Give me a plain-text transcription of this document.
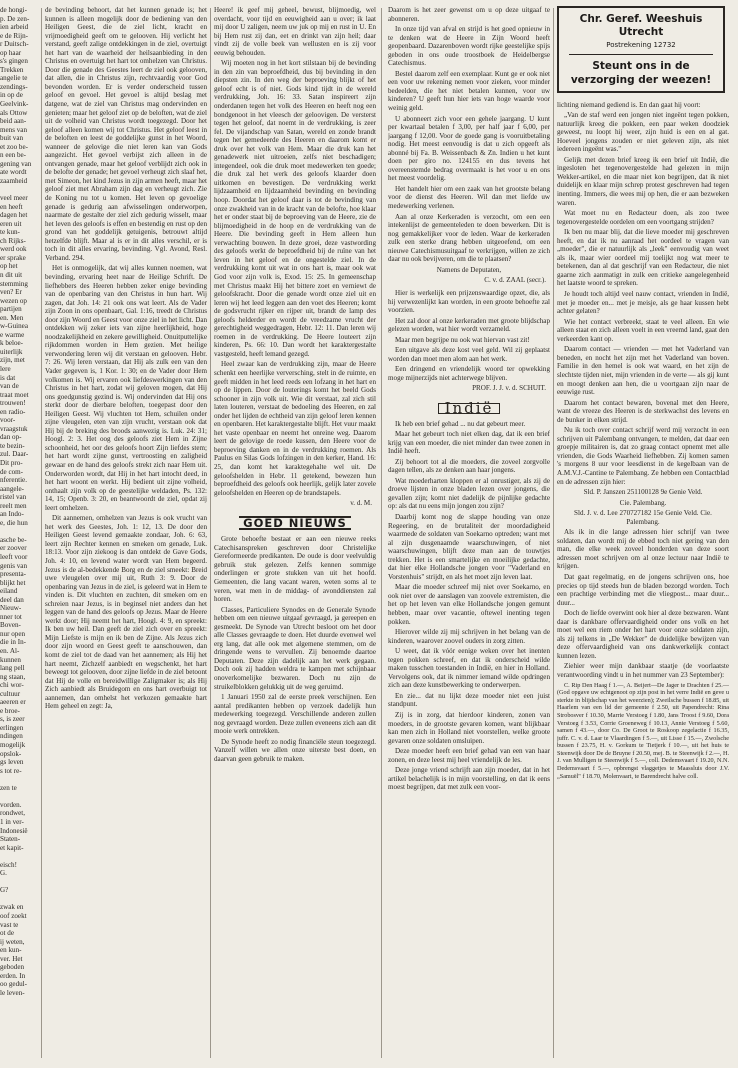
de hongi-

p. De zen-

ien arbeid

e de Rijn-

r Duitsch-

op haar

s's gingen

Trekken

angelie te

zendings-

in op de

Geelvink-

als Ottow

beid aan-

mens van

buit van

et zoo be-

n een be-

gening van

ate wordt

zaamheid

veel meer

en heeft

dagen het

eren uit

te kun-

ch Rijks-

werd ook

er sprake

op het

n dit uit

stemming

ven? Er

wezen op

partijen

en. Men

w-Guinea

e warme

k beloe-

uiterlijk

zijn, met

lere

is dat

van de

traat moet

trouwen!

en radio-

voor-

vraagstuk

dan op-

te bezin-

zul. Daar-

Dit pro-

de com-

nferentie.

aangele-

ristel van

reelt men

an Indo-

e, die hun

asche be-

er zoover

leeft voor

genis van

presenta-

blijkt het

eiland

deel dan

Nieuw-

nner tot

Boven-

nur open

die in In-

en. Al-

kunnen

lang pell

ng staan,

chi wor-

cultuur

aeeren er

e broe-

s, is zeer

erlingen

ndingen

mogelijk

opslok-

gs leven

s tot re-

zen te

vorden.

rondwet,

1 in ver-

Indonesië

Staten-

et kapit-

eisch!

G.

G?

zwak en

oof zoekt

vast te

ot de

ij weten,

en kun-

ver. Het

geboden

erden. In

oo gedul-

le leven-

de bevinding behoort, dat het kunnen genade is; het kunnen is alleen mogelijk door de bediening van den Heiligen Geest, die de ziel licht, kracht en vrijmoedigheid geeft om te gelooven. Hij verlicht het verstand, geeft zalige ontdekkingen in de ziel, overtuigt het hart van de waarheid der heilsaanbieding in den Christus en overtuigt het hart tot omhelzen van Christus. Door die genade des Geestes leert de ziel ook gelooven, dat allen, die in Christus zijn, rechtvaardig voor God bevonden worden. Er is verder onderscheid tussen geloof en gevoel. Het gevoel is altijd beslag met datgene, wat de ziel van Christus mag ondervinden en genieten; maar het geloof ziet op de beloften, wat de ziel uit de volheid van Christus wordt toegezegd. Door het geloof alleen komen wij tot Christus. Het geloof leest in de beloften en leest de goddelijke gunst in het Woord, wanneer de gelovige die niet leren kan van Gods aangezicht. Het gevoel verbijst zich alleen in de ontvangen genade, maar het geloof verblijdt zich ook in de belofte der genade; het gevoel verheugt zich slaaf het, met Simeon, het kind Jezus in zijn armen heeft, maar het geloof ziet met Abraham zijn dag en verheugt zich. Zie de Koning nu tot u komen. Het leven op gevoelige genade is gedurig aan afwisselingen onderworpen, naarmate de gestalte der ziel zich gedurig wisselt, maar het leven des geloofs is effen en bestendig en rust op den grond van het goddelijk getuigenis, betrouwt altijd hetzelfde blijft. Maar al is er in dit alles verschil, er is toch in dit alles ervaring, bevinding. Vgl. Avond, Resl. Verband. 294.

Het is onmogelijk, dat wij alles kunnen noemen, wat bevinding, ervaring heet naar de Heilige Schrift. De liefhebbers des Heeren hebben zeker enige bevinding van de openbaring van den Christus in hun hart. Wij zagen, dat Joh. 14: 21 ook ons wat leert. Als de Vader zijn Zoon in ons openbaart, Gal. 1:16, treedt de Christus door zijn Woord en Geest voor onze ziel in het licht. Dan ontdekken wij zeker iets van zijne heerlijkheid, hoge noodzakelijkheid en zekere gewilligheid. Onuitputtelijke rijkdommen worden in Hem gezien. Met heilige verwondering leren wij dit verstaan en gelooven. Hebr. 7: 26. Wij leren verstaan, dat Hij als zulk een van den Vader gegeven is, 1 Kor. 1: 30; en de Vader door Hem volkomen is. Wij ervaren ook liefdeswerkingen van den Christus in het hart, zodat wij geloven mogen, dat Hij ons goedgunstig gezind is. Wij ondervinden dat Hij ons sterkt door de dierbare beloften, toegepast door den Heiligen Geest. Wij vluchten tot Hem, schuilen onder zijne vleugelen, eten van zijn vrucht, verstaan ook dat Hij bij de breking des broods aanwezig is. Luk. 24: 31; Hoogl. 2: 3. Het oog des geloofs ziet Hem in Zijne schoonheid, het oor des geloofs hoort Zijn liefdes stem; het hart wordt zijne gunst, vertroosting en zaligheid gewaar en de hand des geloofs strekt zich naar Hem uit. Onderworden wordt, dat Hij in het hart intocht deed, in het hart woont en werkt. Hij bedient uit zijne volheid, onthaalt zijn volk op de geestelijke weldaden, Ps. 132: 14, 15; Openb. 3: 20, en beantwoordt de ziel, opdat zij leert omhelzen.

Dit aannemen, omhelzen van Jezus is ook vrucht van het werk des Geestes, Joh. 1: 12, 13. De door den Heiligen Geest levend gemaakte zondaar, Joh. 6: 63, leert zijn Rechter kennen en smeken om genade, Luk. 18:13. Voor zijn ziekoog is dan ontdekt de Gave Gods, Joh. 4: 10, en levend water wordt van Hem begeerd. Jezus is de al-bedekkende Borg en de ziel smeekt: Breid uwe vleugelen over mij uit, Ruth 3: 9. Door de openbaring van Jezus in de ziel, is geleerd wat in Hem te vinden is. Dit vluchten en zuchten, dit smeken om en schreien naar Jezus, is in beginsel niet anders dan het leggen van de hand des geloofs op Jezus. Maar de Heere werkt door; Hij neemt het hart, Hoogl. 4: 9, en spreekt: Ik ben uw heil. Dan geeft de ziel zich over en spreekt: Mijn Liefste is mijn en ik ben de Zijne. Als Jezus zich door zijn woord en Geest geeft te aanschouwen, dan komt de ziel tot de daad van het aannemen; als Hij het hart neemt, Zichzelf aanbiedt en wegschenkt, het hart beweegt tot gelooven, door zijne liefde in de ziel betoont dat Hij de volle en bereidwillige Zaligmaker is; als Hij Zich aanbiedt als Bruidegom en ons hart overbuigt tot aannemen, dan omhelst het verkozen gemaakte hart Hem geheel en zegt: Ja,

Heere! ik geef mij geheel, bewust, blijmoedig, wel overdacht, voor tijd en eeuwigheid aan u over; ik laat mij door U zaligen, neem uw juk op mij en rust in U. En bij Hem rust zij dan, eet en drinkt van zijn heil; daar vindt zij de volle beek van wellusten en is zij voor eeuwig behouden.

Wij moeten nog in het kort stilstaan bij de bevinding in den zin van beproefdheid, dus bij bevinding in den diepsten zin. In den weg der beproeving blijkt of het geloof echt is of niet. Gods kind tijdt in de wereld verdrukking, Joh. 16: 33. Satan inspireert zijn onderdanen tegen het volk des Heeren en heeft nog een bondgenoot in het vleesch der geloovigen. De versterst tegen het geloof, dat noemt in de verdrukking, is zeer fel. De vijandschap van Satan, wereld en zonde brandt tegen het gemedeerde des Heeren en daarom komt er druk over het volk van Hem. Maar die druk kan het genadewerk niet uitroeien, zelfs niet beschadigen; integendeel, ook die druk moet medewerken ten goede; die druk zal het werk des geloofs klaarder doen uitkomen en bevestigen. De verdrukking werkt lijdzaamheid en lijdzaamheid bevinding en bevinding hoop. Doordat het geloof daar is tot de bevinding van onze zwakheid van in de kracht van de belofte, hoe klaar het er onder staat bij de beproeving van de Heere, zie de blijmoedigheid in de hoop en de verdrukking van de Heere. Die bevinding geeft in Hem alleen hun verwachting bouwen. In deze groei, deze vastwording des geloofs werkt de beproefdheid bij de ruïne van het leven in het geloof en de ongestelde ziel. In de verdrukking komt uit wat in ons hart is, maar ook wat God voor zijn volk is, Exod. 15: 25. In gemeenschap met Christus maakt Hij het bittere zoet en verniewt de geloofskracht. Door die genade wordt onze ziel uit en leren wij het leed leggen aan den voet des Heeren; komt de godsvrucht rijker en rijper uit, brandt de lamp des geloofs helderder en wordt de vreedzame vrucht der gerechtigheid weggedragen, Hebr. 12: 11. Dan leren wij roemen in de verdrukking. De Heere louteert zijn kinderen, Ps. 66: 10. Dan wordt het karaktergestalte vastgesteld, heeft lemand gezegd.

Heel zwaar kan de verdrukking zijn, maar de Heere schenkt een heerlijke verversching, stelt in de ruimte, en geeft midden in het leed reeds een lofzang in het hart en op de lippen. Door de louterings komt het beeld Gods schooner in zijn volk uit. Wie dit verstaat, zal zich stil laten louteren, verstaat de bedoeling des Heeren, en zal onder het lijden de echtheid van zijn geloof leren kennen en openbaren. Het karaktergestalte blijft. Het vuur maakt het vaste openbaar en neemt het onreine weg. Daarom leert de gelovige de roede kussen, den Heere voor de beproeving danken en in de verdrukking roemen. Als Paulus en Silas Gods lofzingen in den kerker, Hand. 16: 25, dan komt het karaktegehalte wel uit. De geloofshelden in Hebr. 11 getekend, bewezen hun beproefdheid des geloofs ook heerlijk, gelijk later zovele geloofshelden en Heeren op de brandstapels.

v. d. M.

GOED NIEUWS

Grote behoefte bestaat er aan een nieuwe reeks Catechisanspreken geschreven door Christelijke Gereformeerde predikanten. De oude is door veelvuldig gebruik stuk gelezen. Zelfs kennen sommige onderlingen er grote stukken van uit het hoofd. Gemeenten, die lang vacant waren, weten soms al te veren, wat men in de middag- of avonddiensten zal horen.

Classes, Particuliere Synodes en de Generale Synode hebben om een nieuwe uitgaaf gevraagd, ja gereepen en gesmeekt. De Synode van Utrecht besloot om het door alle Classes gevraagde te doen. Het duurde evenwel wel erg lang, dat alle ook met algemene stemmen, om de dringende wens te vervullen. Zij benoemde daartoe Deputaten. Deze zijn dadelijk aan het werk gegaan. Doch ook zij hadden weldra te kampen met schijnbaar onoverkomelijke bezwaren. Doch nu zijn de struikelblokken gelukkig uit de weg geruimd.

1 Januari 1950 zal de eerste preek verschijnen. Een aantal predikanten hebben op verzoek dadelijk hun medewerking toegezegd. Verschillende anderen zullen nog gevraagd worden. Deze zullen eveneens zich aan dit mooie werk ontrekken.

De Synode heeft zo nodig financiële steun toegezegd. Vanzelf willen we allen onze uiterste best doen, en daarvan geen gebruik te maken.

Daarom is het zeer gewenst om u op deze uitgaaf te abonneren.

In onze tijd van afval en strijd is het goed opnieuw in te denken wat de Heere in Zijn Woord heeft geopenbaard. Dazarenboven wordt rijke geestelijke spijs geboden in ons oude troostboek de Heidelbergse Catechismus.

Bestel daarom zelf een exemplaar. Kunt ge er ook niet een voor uw rekening nemen voor zieken, voor minder bedeelden, die het niet betalen kunnen, voor uw kinderen? U geeft hun hier iets van hoge waarde voor weinig geld.

U abonneert zich voor een gehele jaargang. U kunt per kwartaal betalen f 3,00, per half jaar f 6,00, per jaargang f 12,00. Voor de goede gang is vooruitbetaling nodig. Het meest eenvoudig is dat u zich opgeeft als abonné bij Fa. B. Weissenbach & Zn. Indien u het kunt doen per giro no. 124155 en dus tevens het overeenstemde bedrag overmaakt is het voor u en ons het meest voordelig.

Het handelt hier om een zaak van het grootste belang voor de dienst des Heeren. Wil dan met liefde uw medewerking verlenen.

Aan al onze Kerkeraden is verzocht, om een een intekenlijst de gemeenteleden te doen bewerken. Dit is nog gemakkelijker voor de leden. Waar de kerkeraden zulk een sterke drang hebben uitgeoefend, om een nieuwe Catechismusuitgaaf te verkrijgen, willen ze zich daar nu ook bevijveren, om die te plaatsen?

Namens de Deputaten,

C. v. d. ZAAL (secr.).

Hier is werkelijk een prijzenswaardige opzet, die, als hij verwezenlijkt kan worden, in een groote behoefte zal voorzien.

Het zal door al onze kerkeraden met groote blijdschap gelezen worden, wat hier wordt verzameld.

Maar men begrijpe nu ook wat hiervan vast zit!

Een uitgave als deze kost veel geld. Wil zij geplaatst worden dan moet men alom aan het werk.

Een dringend en vriendelijk woord ter opwekking moge mijnerzijds niet achterwege blijven.

PROF. J. J. v. d. SCHUIT.

Indië

Ik heb een brief gehad ... nu dat gebeurt meer.

Maar het gebeurt toch niet elken dag, dat ik een brief krijg van een moeder, die niet minder dan twee zonen in Indië heeft.

Zij behoort tot al die moeders, die zoveel zorgvolle dagen tellen, als ze denken aan haar jongens.

Wat moederharten kloppen er al onrustiger, als zij de droeve lijsten in onze bladen lezen over jongens, die gevallen zijn; komt niet dadelijk de pijnlijke gedachte op: als dat nu eens mijn jongen zou zijn?

Daarbij komt nog de slappe houding van onze Regeering, en de brutaliteit der moordadigheid waarmede de soldaten van Soekarno optreden; want met al zijn dusgenaamde waarschuwingen, of niet waarschuwingen, blijft deze man aan de touwtjes trekken. Het is een smartelijke en moeilijke gedachte, dat hier elke Hollandsche jongen voor "Vaderland en Vorstenhuis" strijdt, en als het moet zijn leven laat.

Maar die moeder schreef mij niet over Soekarno, en ook niet over de aanslagen van zoovele extremisten, die het op het leven van elke Hollandsche jongen gemunt hebben, maar over vacantie, oftewel inenting tegen pokken.

Hierover wilde zij mij schrijven in het belang van de kinderen, waarover zoovel ouders in zorg zitten.

U weet, dat ik vóór eenige weken over het inenten tegen pokken schreef, en dat ik onderscheid wilde maken tusschen toestanden in Indië, en hier in Holland. Vervolgens ook, dat ik nimmer iemand wilde opdringen zich aan deze kunstbewerking te onderwerpen.

En zie... dat nu lijkt deze moeder niet een juist standpunt.

Zij is in zorg, dat hierdoor kinderen, zonen van moeders, in de grootste gevaren komen, want blijkbaar kan men zich in Holland niet voorstellen, welke groote gevaren onze soldaten omsluipen.

Deze moeder heeft een brief gehad van een van haar zonen, en deze leest mij heel vriendelijk de les.

Deze jonge vriend schrijft aan zijn moeder, dat in het artikel belachelijk is in mijn voorstelling, en dat ik eens moest begrijpen, dat met zulk een voor-

Chr. Geref. Weeshuis
Utrecht
Postrekening 12732
Steunt ons in de
verzorging der weezen!

lichting niemand gediend is. En dan gaat hij voort:

„Van de staf werd een jongen niet ingeënt tegen pokken, natuurlijk kreeg die pokken, een paar weken doodziek geweest, nu loopt hij weer, zijn huid is een en al gat. Hoeveel jongens zouden er niet geleven zijn, als niet iedereen ingeënt was."

Gelijk met dezen brief kreeg ik een brief uit Indië, die ingesloten het tegenovergestelde had gelezen in mijn Wekker-artikel, en die maar niet kon begrijpen, dat ik niet duidelijk en klaar mijn schrep protest geschreven had tegen inenting. Immers, die wees mij op hen, die er aan bezweken waren.

Wat moet nu en Redacteur doen, als zoo twee tegenovergestelde oordelen om een voortgang strijden?

Ik ben nu maar blij, dat die lieve moeder mij geschreven heeft, en dat ik nu aanraad het oordeel te vragen van „moeder", die er natuurlijk als „leek" eenvoudig van weet als ik, maar wier oordeel mij toelijkt nog wat meer te betekenen, dan al dat geschrijf van een Redacteur, die niet gaarne zich aanmatigt in zulk een critieke aangelegenheid het laatste woord te spreken.

Je houdt toch altijd veel nauw contact, vrienden in Indië, met je moeder en... met je meisje, als ge haar kussen hebt achter gelaten?

Wie het contact verbreekt, staat te veel alleen. En wie alleen staat en zich alleen voelt in een vreemd land, gaat den verkeerden kant op.

Daarom contact — vrienden — met het Vaderland van beneden, en nocht het zijn met het Vaderland van boven. Familie in den hemel is ook wat waard, en het zijn de slechtste tijden niet, mijn vrienden in de verte — als gij kunt en moogt denken aan hen, die u voortgaan zijn naar de eeuwige rust.

Daarom het contact bewaren, bovenal met den Heere, want de vreeze des Heeren is de sterkwachst des levens en de bunker in elken strijd.

Nu ik toch over contact schrijf werd mij verzocht in een schrijven uit Palembang ontvangen, te melden, dat daar een groepje militairen is, dat zo graag contact opnemt met alle vrienden, die Gods Waarheid liefhebben. Zij komen samen 's morgens 8 uur voor leesdienst in de kegelbaan van de A.M.V.J.-Cantine te Palembang. Ze hebben een Contactblad en de adressen zijn hier:

Sld. P. Janszen 251100128 9e Genie Veld.

Cie. Palembang.

Sld. J. v. d. Lee 270727182 15e Genie Veld. Cie. Palembang.

Als ik in die lange adressen hier schrijf van twee soldaten, dan wordt mij de ebbed toch niet gering van den man, die elke week zoveel honderden van deze soort adressen moet schrijven om al onze lectuur naar Indië te krijgen.

Dat gaat regelmatig, en de jongens schrijven ons, hoe precies op tijd steeds hun de bladen bezorgd worden. Toch een prachtige verbinding met die vliegpost... maar duur... duur...

Doch de liefde overwint ook hier al deze bezwaren. Want daar is dankbare offervaardigheid onder ons volk en het moet wel een riem onder het hart voor onze soldaten zijn, als zij telkens in „De Wekker" de duidelijke bewijzen van deze offervaardigheid van ons dankwerkelijk contact kunnen lezen.

Ziehier weer mijn dankbaar staatje (de voorlaatste verantwoording vindt u in het nummer van 23 September):

C. Rip Den Haag f 1.—, A. Beijert—De Jager te Drachten f 25.— (God opgave uw echtgenoot op zijn post in het verre Indië en geve u sterkte in blijdschap van het weerzien); Zweilsche bussen f 18.85, uit Haarlem van een lid der gemeente f 2.50, uit Papendrecht: Rina Strobosver f 10.30, Marrie Verstoeg f 1.80, Jans Troost f 9.60, Dora Verstoeg f 3.53, Corrie Groeneweg f 10.13, Annie Verstoeg f 5.60, samen f 43.—, door Co. De Groot te Roskoop zegelactie f 16.35, juffr. C. v. d. Laar te Vlaardingen f 5.—, uit Lisse f 15.—, Zwolsche bussen f 23.75, H. v. Gorkum te Tietjerk f 10.—, uit het huis te Steenwijk door De de Bruyne f 20.50, mej. B. te Steenwijk f 2.—, H. J. van Mulligen te Steenwijk f 5.—, coll. Dedemsvaart f 19.20, N.N. Dedemsvaart f 5.—, opbrengst vlaggetjes te Maassluis door J.V. „Samuël" f 18.70, Molenvaart, te Barendrecht halve coll.
